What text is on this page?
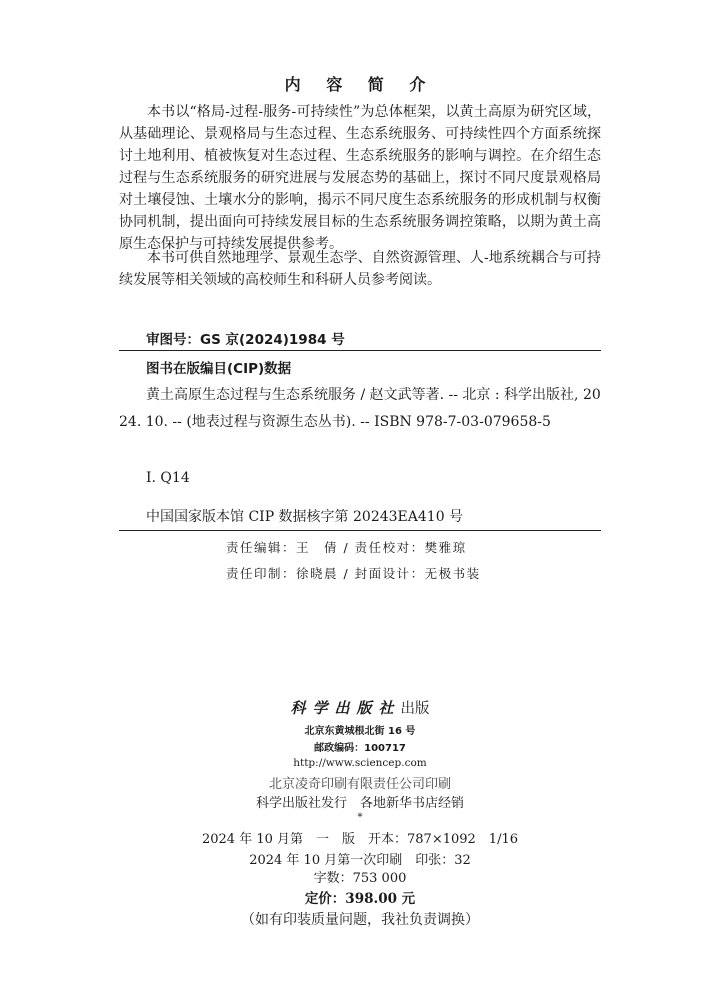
内 容 简 介

本书以“格局-过程-服务-可持续性”为总体框架，以黄土高原为研究区域，从基础理论、景观格局与生态过程、生态系统服务、可持续性四个方面系统探讨土地利用、植被恢复对生态过程、生态系统服务的影响与调控。在介绍生态过程与生态系统服务的研究进展与发展态势的基础上，探讨不同尺度景观格局对土壤侵蚀、土壤水分的影响，揭示不同尺度生态系统服务的形成机制与权衡协同机制，提出面向可持续发展目标的生态系统服务调控策略，以期为黄土高原生态保护与可持续发展提供参考。

本书可供自然地理学、景观生态学、自然资源管理、人-地系统耦合与可持续发展等相关领域的高校师生和科研人员参考阅读。

审图号：GS 京(2024)1984 号
图书在版编目(CIP)数据

黄土高原生态过程与生态系统服务 / 赵文武等著. -- 北京 : 科学出版社, 2024. 10. -- (地表过程与资源生态丛书). -- ISBN 978-7-03-079658-5

Ⅰ. Q14
中国国家版本馆 CIP 数据核字第 20243EA410 号
责任编辑：王　倩 / 责任校对：樊雅琼
责任印制：徐晓晨 / 封面设计：无极书装
科学出版社出版
北京东黄城根北街 16 号
邮政编码：100717
http://www.sciencep.com
北京凌奇印刷有限责任公司印刷
科学出版社发行　各地新华书店经销
*
2024 年 10 月第　一　版　开本：787×1092　1/16
2024 年 10 月第一次印刷　印张：32
字数：753 000
定价：398.00 元
（如有印装质量问题，我社负责调换）
